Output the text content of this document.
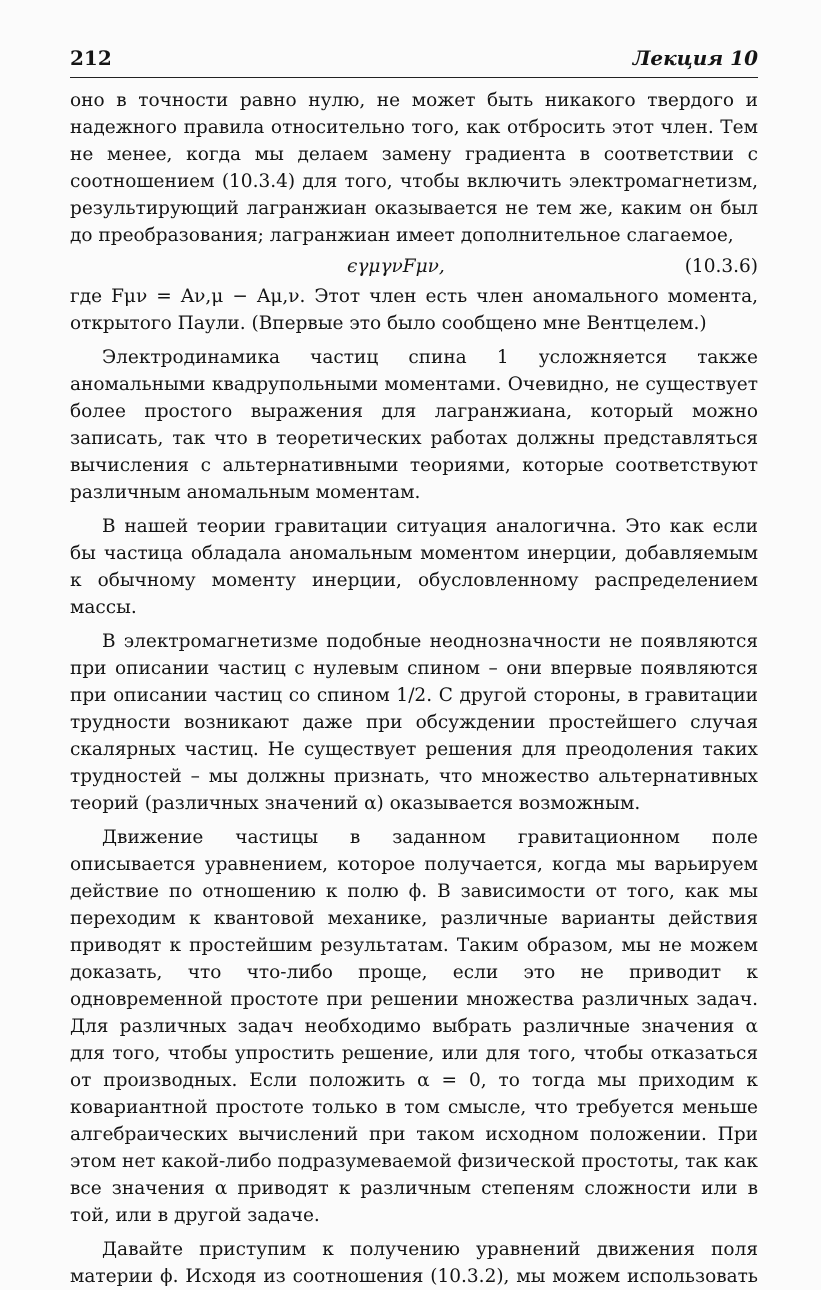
212	Лекция 10

оно в точности равно нулю, не может быть никакого твердого и надежного правила относительно того, как отбросить этот член. Тем не менее, когда мы делаем замену градиента в соответствии с соотношением (10.3.4) для того, чтобы включить электромагнетизм, результирующий лагранжиан оказывается не тем же, каким он был до преобразования; лагранжиан имеет дополнительное слагаемое,

ϵγμγνFμν,	(10.3.6)

где Fμν = Aν,μ − Aμ,ν. Этот член есть член аномального момента, открытого Паули. (Впервые это было сообщено мне Вентцелем.)

Электродинамика частиц спина 1 усложняется также аномальными квадрупольными моментами. Очевидно, не существует более простого выражения для лагранжиана, который можно записать, так что в теоретических работах должны представляться вычисления с альтернативными теориями, которые соответствуют различным аномальным моментам.

В нашей теории гравитации ситуация аналогична. Это как если бы частица обладала аномальным моментом инерции, добавляемым к обычному моменту инерции, обусловленному распределением массы.

В электромагнетизме подобные неоднозначности не появляются при описании частиц с нулевым спином – они впервые появляются при описании частиц со спином 1/2. С другой стороны, в гравитации трудности возникают даже при обсуждении простейшего случая скалярных частиц. Не существует решения для преодоления таких трудностей – мы должны признать, что множество альтернативных теорий (различных значений α) оказывается возможным.

Движение частицы в заданном гравитационном поле описывается уравнением, которое получается, когда мы варьируем действие по отношению к полю ϕ. В зависимости от того, как мы переходим к квантовой механике, различные варианты действия приводят к простейшим результатам. Таким образом, мы не можем доказать, что что-либо проще, если это не приводит к одновременной простоте при решении множества различных задач. Для различных задач необходимо выбрать различные значения α для того, чтобы упростить решение, или для того, чтобы отказаться от производных. Если положить α = 0, то тогда мы приходим к ковариантной простоте только в том смысле, что требуется меньше алгебраических вычислений при таком исходном положении. При этом нет какой-либо подразумеваемой физической простоты, так как все значения α приводят к различным степеням сложности или в той, или в другой задаче.

Давайте приступим к получению уравнений движения поля материи ϕ. Исходя из соотношения (10.3.2), мы можем использовать
